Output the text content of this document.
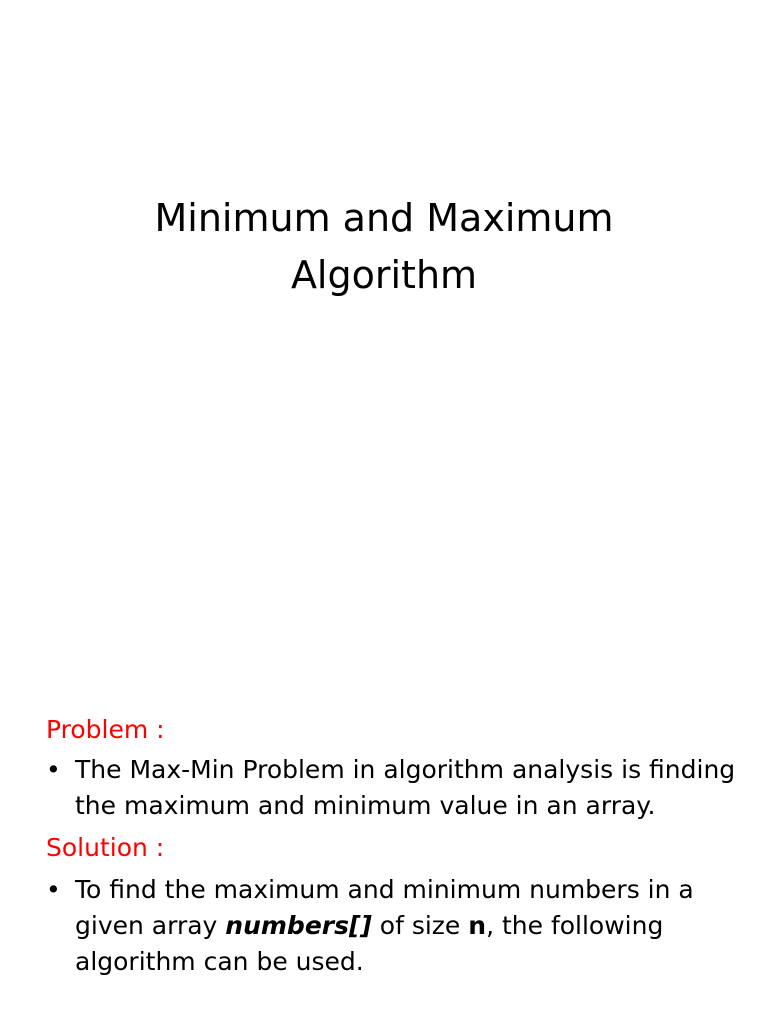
Minimum and Maximum
Algorithm

Problem :

• The Max-Min Problem in algorithm analysis is finding the maximum and minimum value in an array.

Solution :

• To find the maximum and minimum numbers in a given array numbers[] of size n, the following algorithm can be used.
